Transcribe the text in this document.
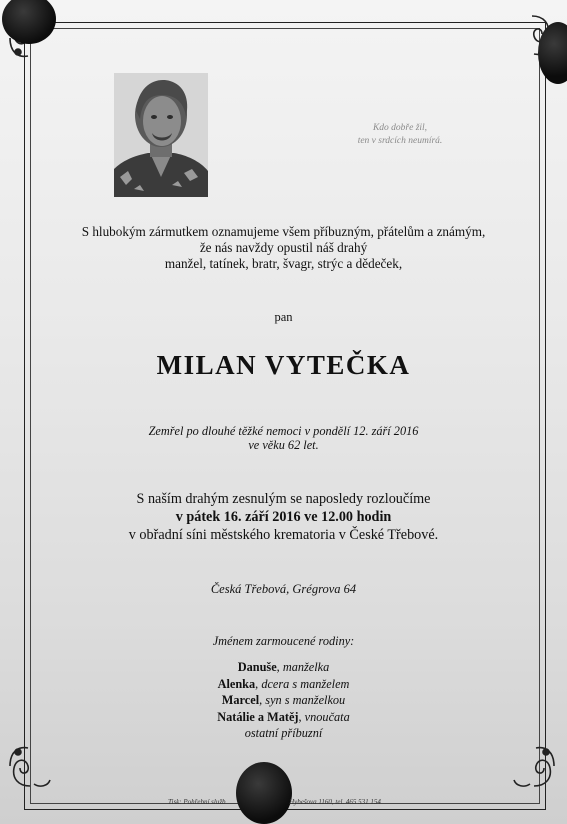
Kdo dobře žil,
ten v srdcích neumírá.
S hlubokým zármutkem oznamujeme všem příbuzným, přátelům a známým,
že nás navždy opustil náš drahý
manžel, tatínek, bratr, švagr, strýc a dědeček,
pan
MILAN VYTEČKA
Zemřel po dlouhé těžké nemoci v pondělí 12. září 2016
ve věku 62 let.
S naším drahým zesnulým se naposledy rozloučíme
v pátek 16. září 2016 ve 12.00 hodin
v obřadní síni městského krematoria v České Třebové.
Česká Třebová, Grégrova 64
Jménem zarmoucené rodiny:
Danuše, manželka
Alenka, dcera s manželem
Marcel, syn s manželkou
Natálie a Matěj, vnoučata
ostatní příbuzní
Tisk: Pohřební služb	Hybešova 1160, tel. 465 531 154
